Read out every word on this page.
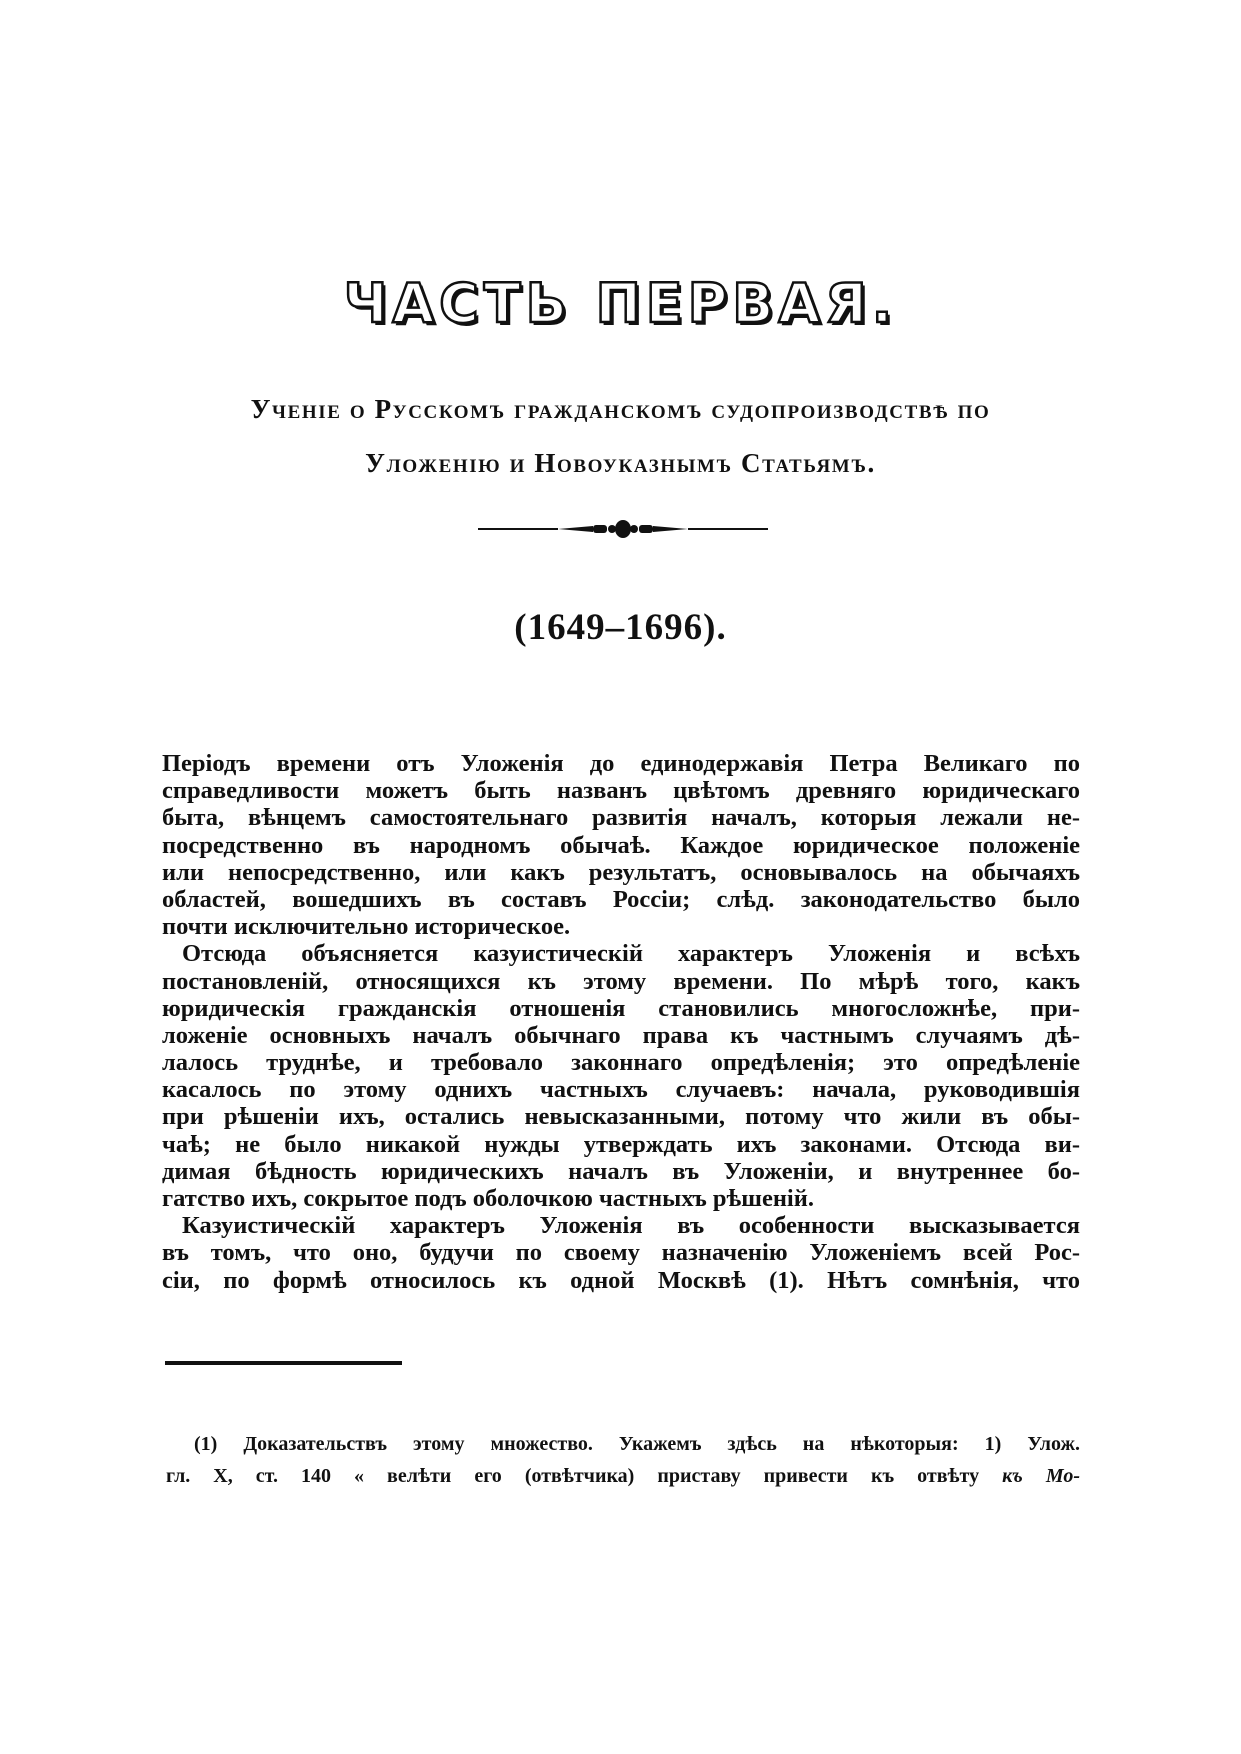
ЧАСТЬ ПЕРВАЯ.
Ученіе о Русскомъ гражданскомъ судопроизводствѣ по
Уложенію и Новоуказнымъ Статьямъ.
(1649–1696).
Періодъ времени отъ Уложенія до единодержавія Петра Великаго по
справедливости можетъ быть названъ цвѣтомъ древняго юридическаго
быта, вѣнцемъ самостоятельнаго развитія началъ, которыя лежали не-
посредственно въ народномъ обычаѣ. Каждое юридическое положеніе
или непосредственно, или какъ результатъ, основывалось на обычаяхъ
областей, вошедшихъ въ составъ Россіи; слѣд. законодательство было
почти исключительно историческое.
Отсюда объясняется казуистическій характеръ Уложенія и всѣхъ
постановленій, относящихся къ этому времени. По мѣрѣ того, какъ
юридическія гражданскія отношенія становились многосложнѣе, при-
ложеніе основныхъ началъ обычнаго права къ частнымъ случаямъ дѣ-
лалось труднѣе, и требовало законнаго опредѣленія; это опредѣленіе
касалось по этому однихъ частныхъ случаевъ: начала, руководившія
при рѣшеніи ихъ, остались невысказанными, потому что жили въ обы-
чаѣ; не было никакой нужды утверждать ихъ законами. Отсюда ви-
димая бѣдность юридическихъ началъ въ Уложеніи, и внутреннее бо-
гатство ихъ, сокрытое подъ оболочкою частныхъ рѣшеній.
Казуистическій характеръ Уложенія въ особенности высказывается
въ томъ, что оно, будучи по своему назначенію Уложеніемъ всей Рос-
сіи, по формѣ относилось къ одной Москвѣ (1). Нѣтъ сомнѣнія, что
(1) Доказательствъ этому множество. Укажемъ здѣсь на нѣкоторыя: 1) Улож.
гл. X, ст. 140 « велѣти его (отвѣтчика) приставу привести къ отвѣту къ Мо-
